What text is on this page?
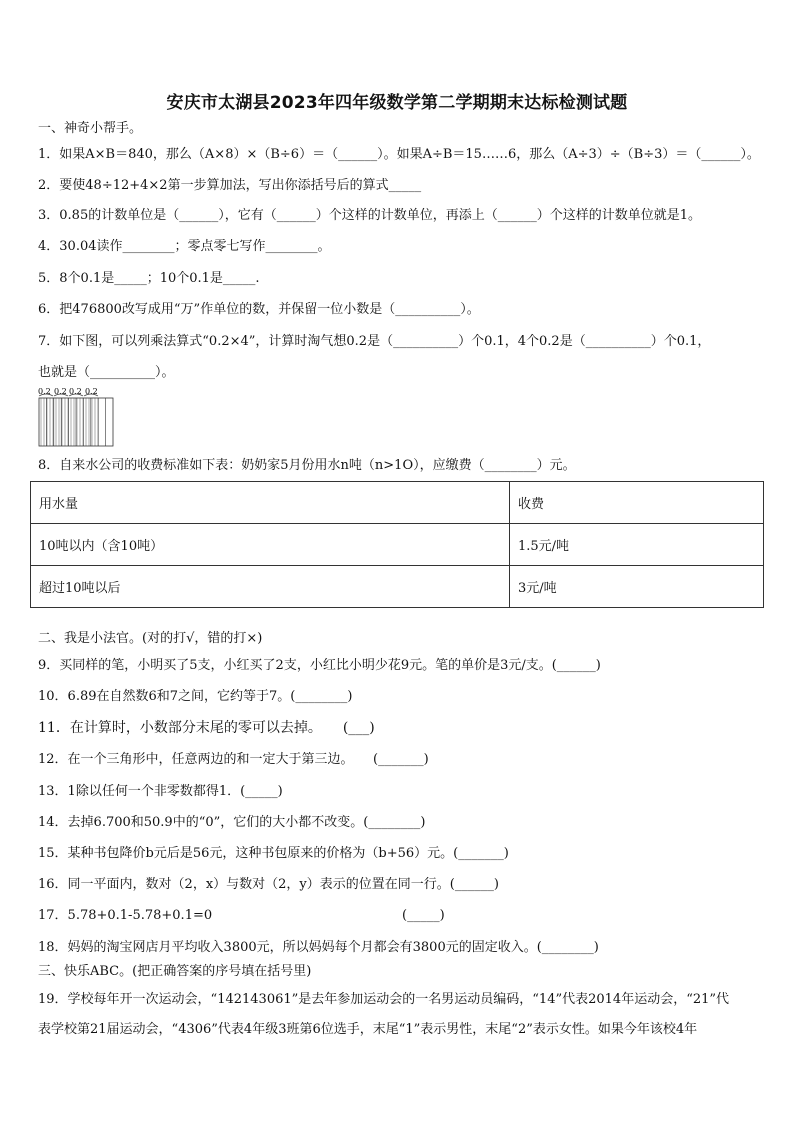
安庆市太湖县2023年四年级数学第二学期期末达标检测试题
一、神奇小帮手。
1．如果A×B＝840，那么（A×8）×（B÷6）＝（______）。如果A÷B＝15……6，那么（A÷3）÷（B÷3）＝（______）。
2．要使48÷12+4×2第一步算加法，写出你添括号后的算式_____
3．0.85的计数单位是（______），它有（______）个这样的计数单位，再添上（______）个这样的计数单位就是1。
4．30.04读作________；零点零七写作________。
5．8个0.1是_____；10个0.1是_____.
6．把476800改写成用“万”作单位的数，并保留一位小数是（__________）。
7．如下图，可以列乘法算式“0.2×4”，计算时淘气想0.2是（__________）个0.1，4个0.2是（__________）个0.1，
也就是（__________）。
0.2 0.2 0.2 0.2
8．自来水公司的收费标准如下表：奶奶家5月份用水n吨（n>1O），应缴费（________）元。
用水量	收费
10吨以内（含10吨）	1.5元/吨
超过10吨以后	3元/吨
二、我是小法官。(对的打√，错的打×)
9．买同样的笔，小明买了5支，小红买了2支，小红比小明少花9元。笔的单价是3元/支。(______)
10．6.89在自然数6和7之间，它约等于7。(________)
11．在计算时，小数部分末尾的零可以去掉。　　(___)
12．在一个三角形中，任意两边的和一定大于第三边。　　(_______)
13．1除以任何一个非零数都得1．(_____)
14．去掉6.700和50.9中的“0”，它们的大小都不改变。(________)
15．某种书包降价b元后是56元，这种书包原来的价格为（b+56）元。(_______)
16．同一平面内，数对（2，x）与数对（2，y）表示的位置在同一行。(______)
17．5.78+0.1-5.78+0.1=0	(_____)
18．妈妈的淘宝网店月平均收入3800元，所以妈妈每个月都会有3800元的固定收入。(________)
三、快乐ABC。(把正确答案的序号填在括号里)
19．学校每年开一次运动会，“142143061”是去年参加运动会的一名男运动员编码，“14”代表2014年运动会，“21”代
表学校第21届运动会，“4306”代表4年级3班第6位选手，末尾“1”表示男性，末尾“2”表示女性。如果今年该校4年
